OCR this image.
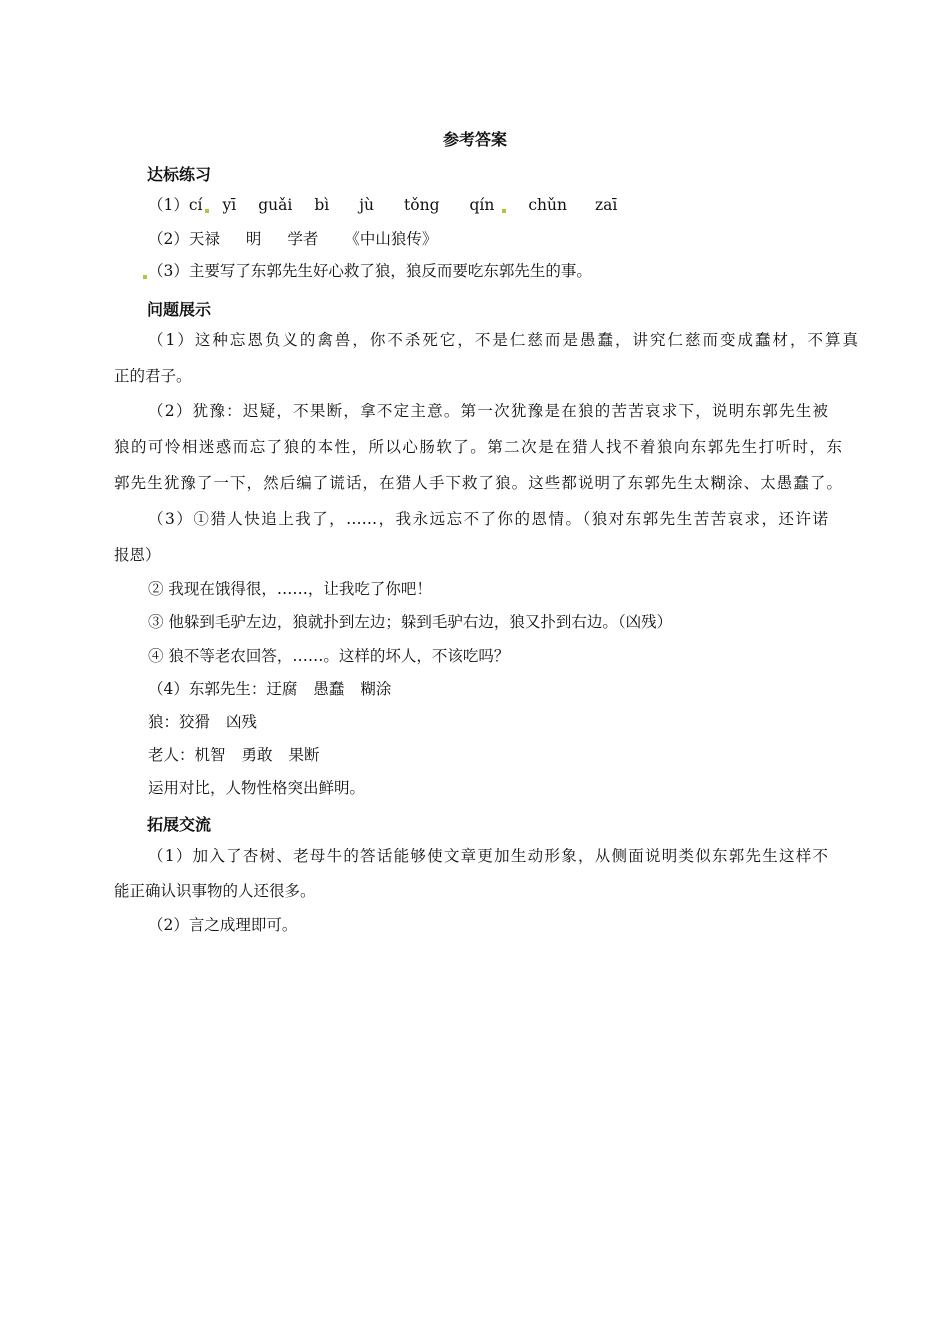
参考答案
达标练习
（1）cí yī guǎi bì jù tǒng qín chǔn zaī
（2）天禄 明 学者 《中山狼传》
（3）主要写了东郭先生好心救了狼，狼反而要吃东郭先生的事。
问题展示
（1）这种忘恩负义的禽兽，你不杀死它，不是仁慈而是愚蠢，讲究仁慈而变成蠢材，不算真
正的君子。
（2）犹豫：迟疑，不果断，拿不定主意。第一次犹豫是在狼的苦苦哀求下，说明东郭先生被
狼的可怜相迷惑而忘了狼的本性，所以心肠软了。第二次是在猎人找不着狼向东郭先生打听时，东
郭先生犹豫了一下，然后编了谎话，在猎人手下救了狼。这些都说明了东郭先生太糊涂、太愚蠢了。
（3）①猎人快追上我了，……，我永远忘不了你的恩情。（狼对东郭先生苦苦哀求，还许诺
报恩）
② 我现在饿得很，……，让我吃了你吧！
③ 他躲到毛驴左边，狼就扑到左边；躲到毛驴右边，狼又扑到右边。（凶残）
④ 狼不等老农回答，……。这样的坏人，不该吃吗？
（4）东郭先生：迂腐 愚蠢 糊涂
狼：狡猾 凶残
老人：机智 勇敢 果断
运用对比，人物性格突出鲜明。
拓展交流
（1）加入了杏树、老母牛的答话能够使文章更加生动形象，从侧面说明类似东郭先生这样不
能正确认识事物的人还很多。
（2）言之成理即可。
